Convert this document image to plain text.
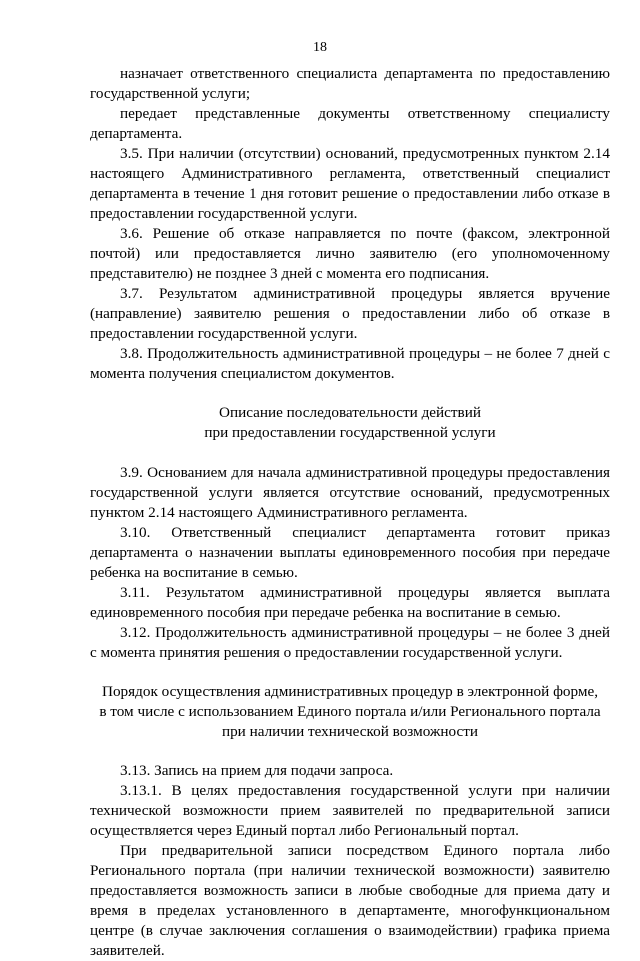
18

назначает ответственного специалиста департамента по предоставлению государственной услуги;

передает представленные документы ответственному специалисту департамента.

3.5. При наличии (отсутствии) оснований, предусмотренных пунктом 2.14 настоящего Административного регламента, ответственный специалист департамента в течение 1 дня готовит решение о предоставлении либо отказе в предоставлении государственной услуги.

3.6. Решение об отказе направляется по почте (факсом, электронной почтой) или предоставляется лично заявителю (его уполномоченному представителю) не позднее 3 дней с момента его подписания.

3.7. Результатом административной процедуры является вручение (направление) заявителю решения о предоставлении либо об отказе в предоставлении государственной услуги.

3.8. Продолжительность административной процедуры – не более 7 дней с момента получения специалистом документов.

Описание последовательности действий
при предоставлении государственной услуги

3.9. Основанием для начала административной процедуры предоставления государственной услуги является отсутствие оснований, предусмотренных пунктом 2.14 настоящего Административного регламента.

3.10. Ответственный специалист департамента готовит приказ департамента о назначении выплаты единовременного пособия при передаче ребенка на воспитание в семью.

3.11. Результатом административной процедуры является выплата единовременного пособия при передаче ребенка на воспитание в семью.

3.12. Продолжительность административной процедуры – не более 3 дней с момента принятия решения о предоставлении государственной услуги.

Порядок осуществления административных процедур в электронной форме,
в том числе с использованием Единого портала и/или Регионального портала
при наличии технической возможности

3.13. Запись на прием для подачи запроса.

3.13.1. В целях предоставления государственной услуги при наличии технической возможности прием заявителей по предварительной записи осуществляется через Единый портал либо Региональный портал.

При предварительной записи посредством Единого портала либо Регионального портала (при наличии технической возможности) заявителю предоставляется возможность записи в любые свободные для приема дату и время в пределах установленного в департаменте, многофункциональном центре (в случае заключения соглашения о взаимодействии) графика приема заявителей.
